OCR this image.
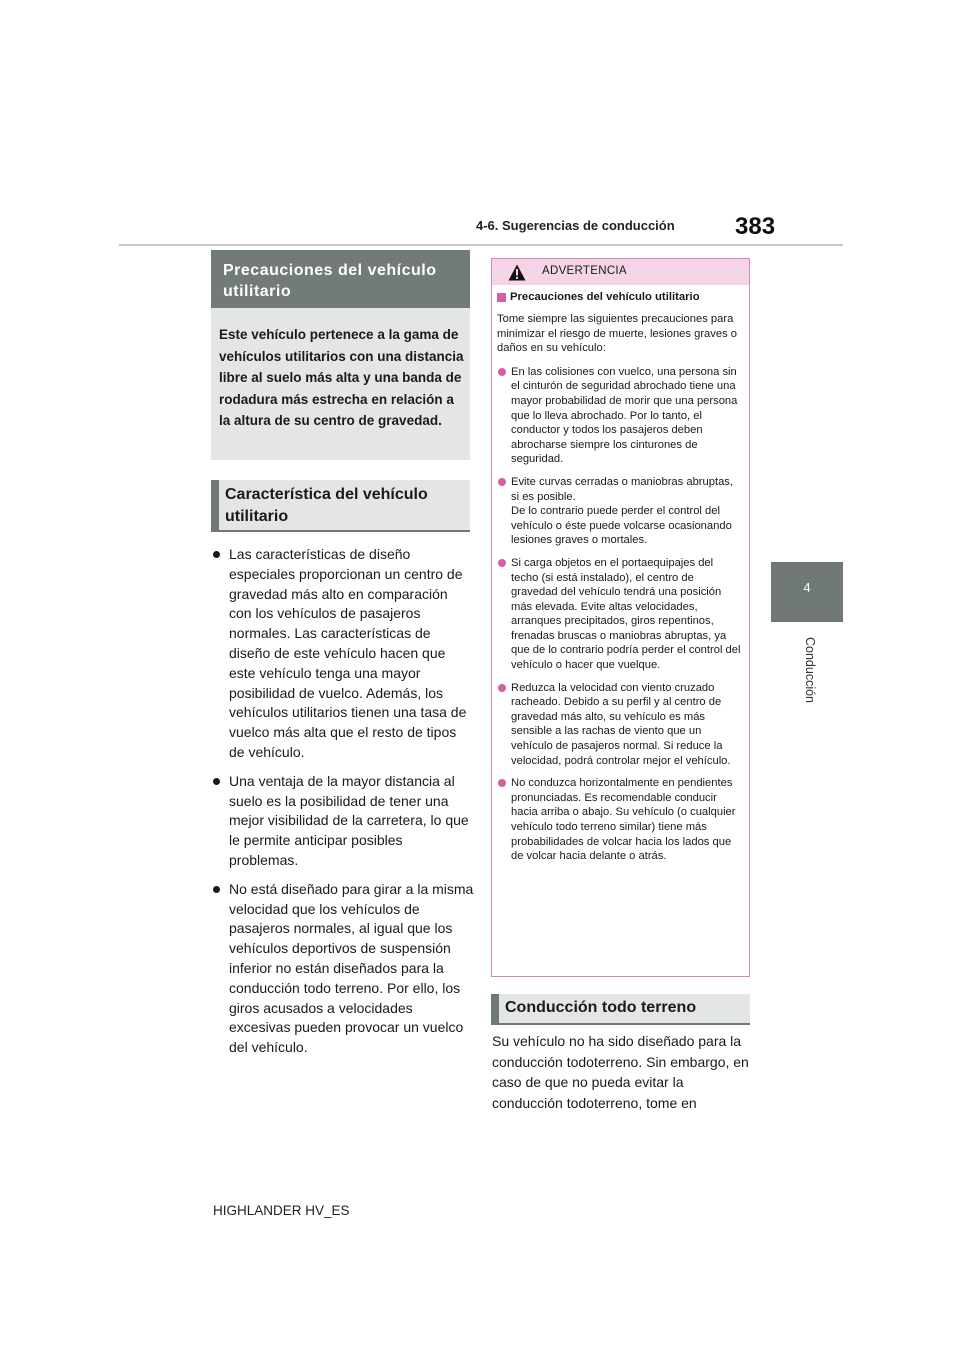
4-6. Sugerencias de conducción	383
4
Conducción
Precauciones del vehículo utilitario
Este vehículo pertenece a la gama de vehículos utilitarios con una distancia libre al suelo más alta y una banda de rodadura más estrecha en relación a la altura de su centro de gravedad.
Característica del vehículo utilitario
Las características de diseño especiales proporcionan un centro de gravedad más alto en comparación con los vehículos de pasajeros normales. Las características de diseño de este vehículo hacen que este vehículo tenga una mayor posibilidad de vuelco. Además, los vehículos utilitarios tienen una tasa de vuelco más alta que el resto de tipos de vehículo.
Una ventaja de la mayor distancia al suelo es la posibilidad de tener una mejor visibilidad de la carretera, lo que le permite anticipar posibles problemas.
No está diseñado para girar a la misma velocidad que los vehículos de pasajeros normales, al igual que los vehículos deportivos de suspensión inferior no están diseñados para la conducción todo terreno. Por ello, los giros acusados a velocidades excesivas pueden provocar un vuelco del vehículo.
ADVERTENCIA
Precauciones del vehículo utilitario
Tome siempre las siguientes precauciones para minimizar el riesgo de muerte, lesiones graves o daños en su vehículo:
En las colisiones con vuelco, una persona sin el cinturón de seguridad abrochado tiene una mayor probabilidad de morir que una persona que lo lleva abrochado. Por lo tanto, el conductor y todos los pasajeros deben abrocharse siempre los cinturones de seguridad.
Evite curvas cerradas o maniobras abruptas, si es posible.
De lo contrario puede perder el control del vehículo o éste puede volcarse ocasionando lesiones graves o mortales.
Si carga objetos en el portaequipajes del techo (si está instalado), el centro de gravedad del vehículo tendrá una posición más elevada. Evite altas velocidades, arranques precipitados, giros repentinos, frenadas bruscas o maniobras abruptas, ya que de lo contrario podría perder el control del vehículo o hacer que vuelque.
Reduzca la velocidad con viento cruzado racheado. Debido a su perfil y al centro de gravedad más alto, su vehículo es más sensible a las rachas de viento que un vehículo de pasajeros normal. Si reduce la velocidad, podrá controlar mejor el vehículo.
No conduzca horizontalmente en pendientes pronunciadas. Es recomendable conducir hacia arriba o abajo. Su vehículo (o cualquier vehículo todo terreno similar) tiene más probabilidades de volcar hacia los lados que de volcar hacia delante o atrás.
Conducción todo terreno
Su vehículo no ha sido diseñado para la conducción todoterreno. Sin embargo, en caso de que no pueda evitar la conducción todoterreno, tome en
HIGHLANDER HV_ES
